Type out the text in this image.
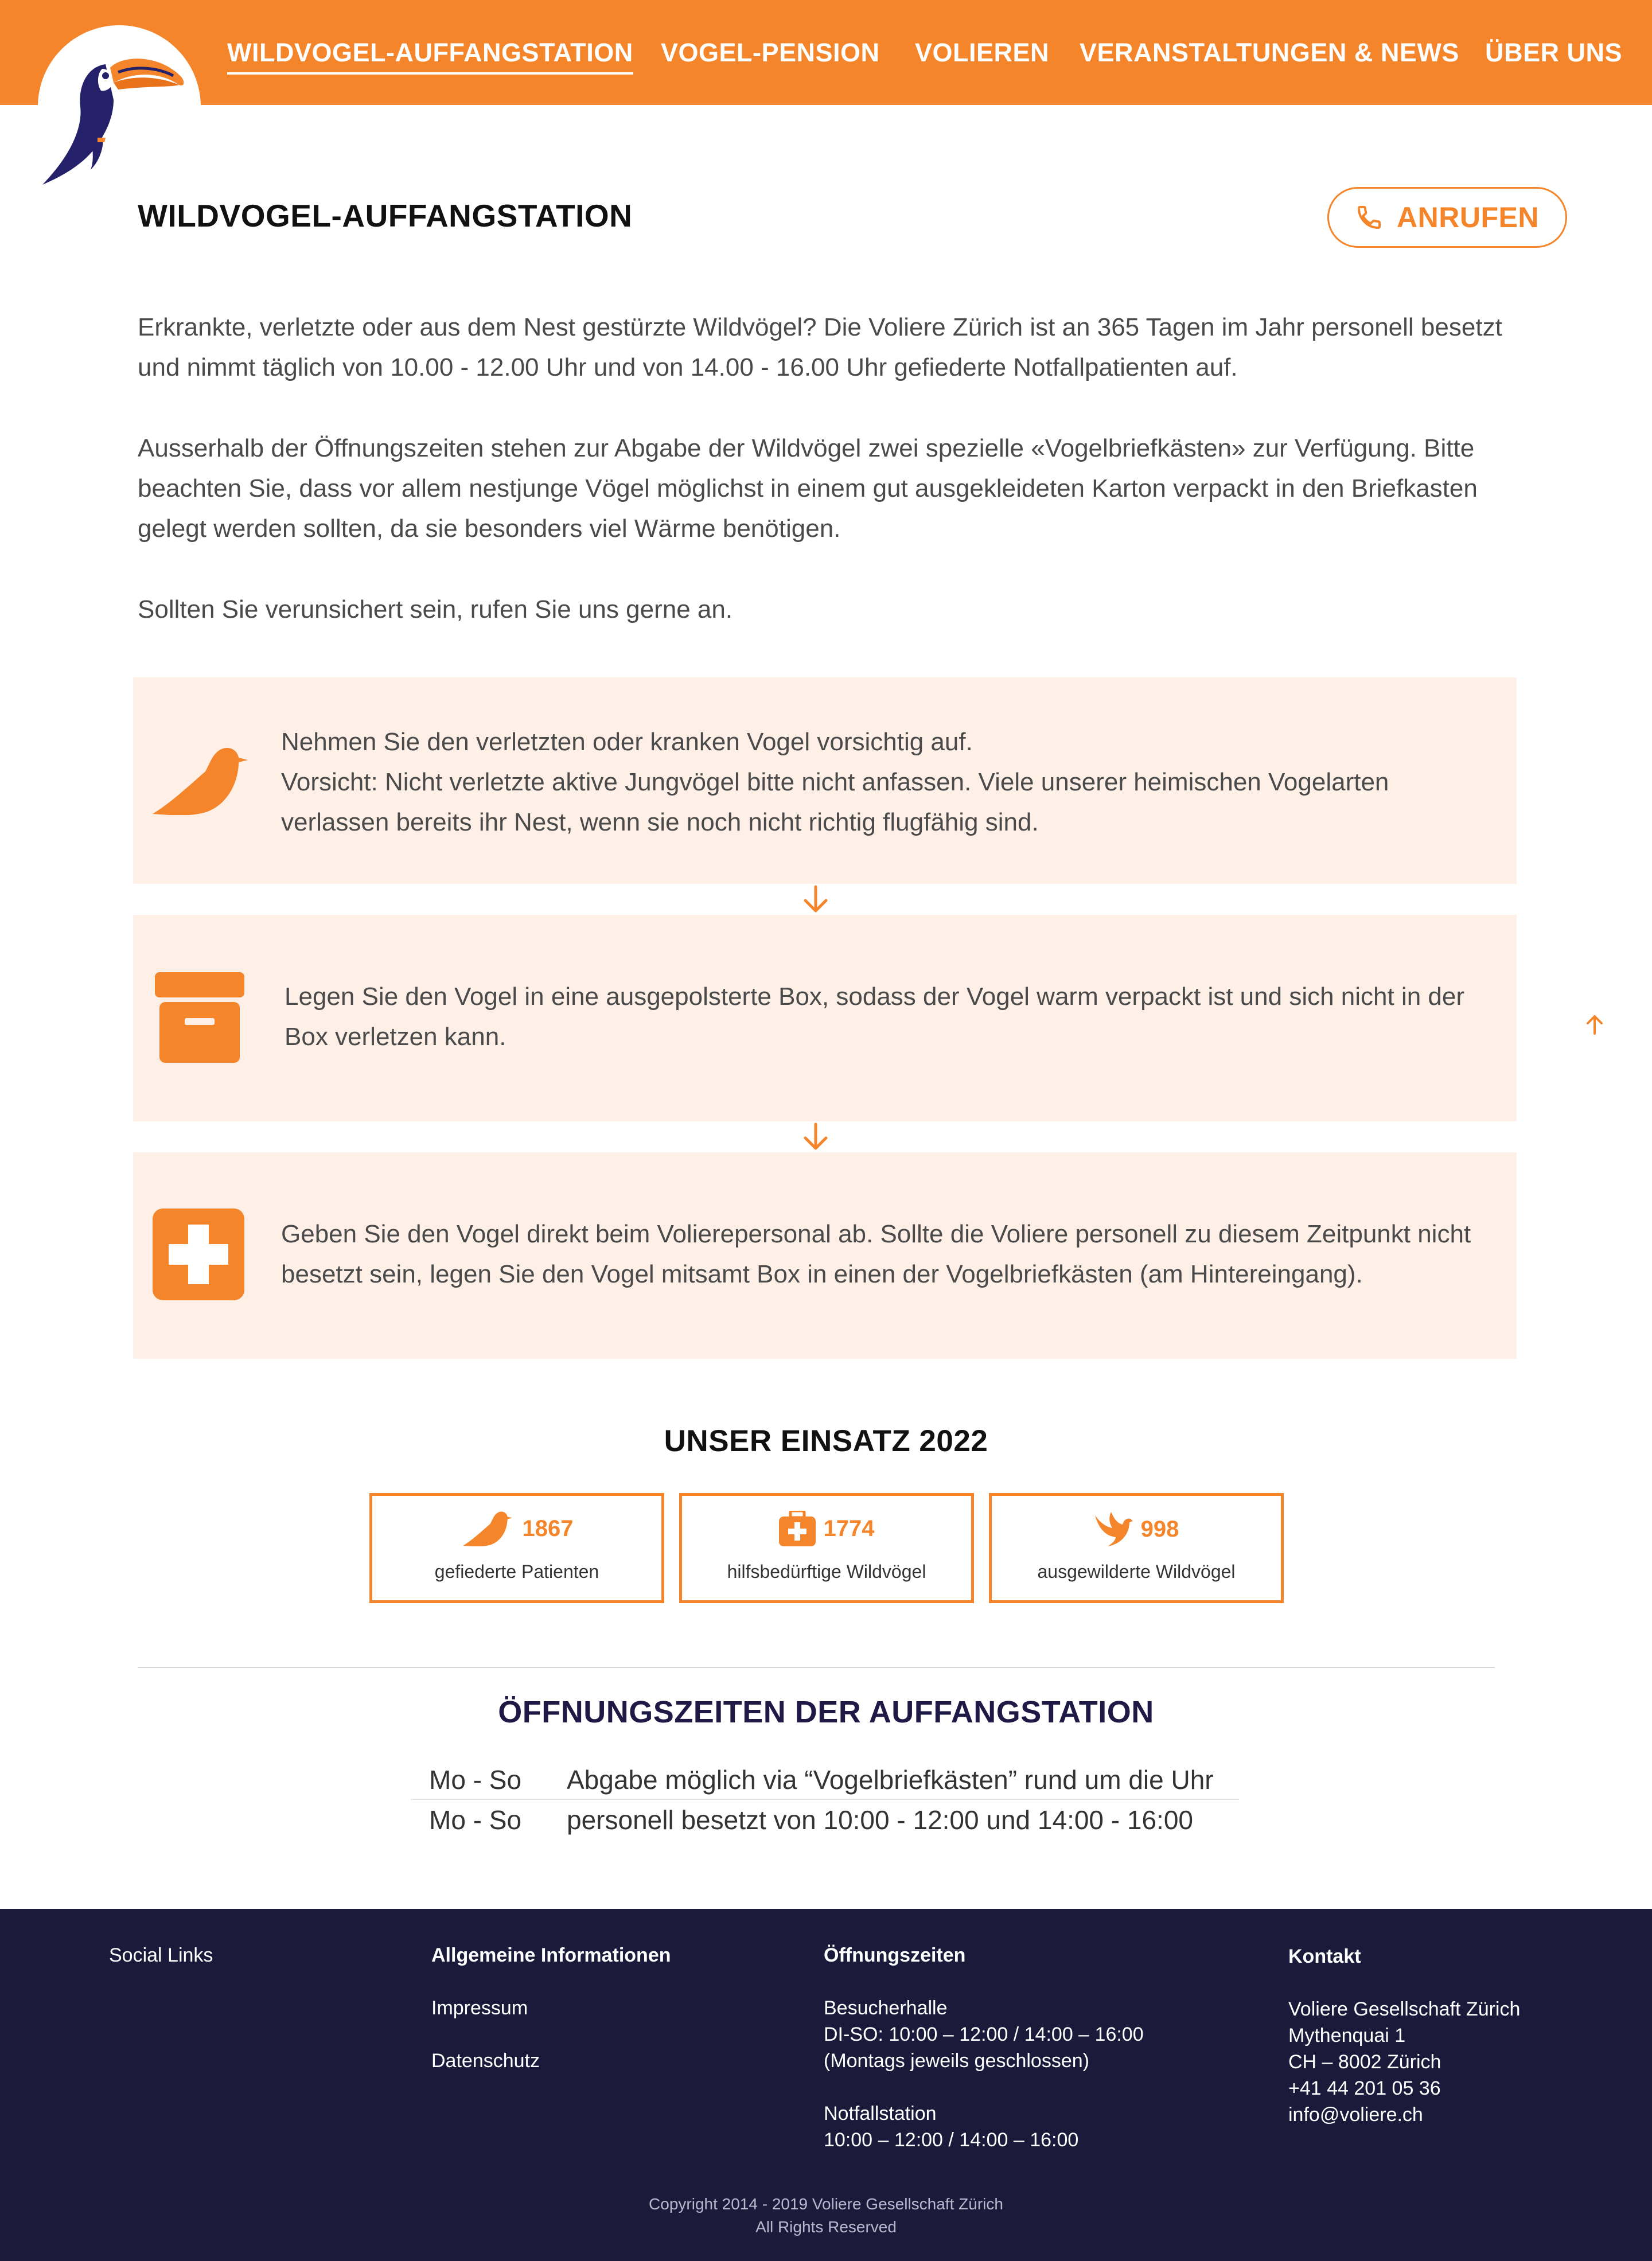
WILDVOGEL-AUFFANGSTATION VOGEL-PENSION VOLIEREN VERANSTALTUNGEN & NEWS ÜBER UNS
WILDVOGEL-AUFFANGSTATION	ANRUFEN

Erkrankte, verletzte oder aus dem Nest gestürzte Wildvögel? Die Voliere Zürich ist an 365 Tagen im Jahr personell besetzt und nimmt täglich von 10.00 - 12.00 Uhr und von 14.00 - 16.00 Uhr gefiederte Notfallpatienten auf.

Ausserhalb der Öffnungszeiten stehen zur Abgabe der Wildvögel zwei spezielle «Vogelbriefkästen» zur Verfügung. Bitte beachten Sie, dass vor allem nestjunge Vögel möglichst in einem gut ausgekleideten Karton verpackt in den Briefkasten gelegt werden sollten, da sie besonders viel Wärme benötigen.

Sollten Sie verunsichert sein, rufen Sie uns gerne an.

Nehmen Sie den verletzten oder kranken Vogel vorsichtig auf.
Vorsicht: Nicht verletzte aktive Jungvögel bitte nicht anfassen. Viele unserer heimischen Vogelarten verlassen bereits ihr Nest, wenn sie noch nicht richtig flugfähig sind.
Legen Sie den Vogel in eine ausgepolsterte Box, sodass der Vogel warm verpackt ist und sich nicht in der Box verletzen kann.
Geben Sie den Vogel direkt beim Volierepersonal ab. Sollte die Voliere personell zu diesem Zeitpunkt nicht besetzt sein, legen Sie den Vogel mitsamt Box in einen der Vogelbriefkästen (am Hintereingang).
UNSER EINSATZ 2022
1867
gefiederte Patienten
1774
hilfsbedürftige Wildvögel
998
ausgewilderte Wildvögel
ÖFFNUNGSZEITEN DER AUFFANGSTATION
Mo - So Abgabe möglich via “Vogelbriefkästen” rund um die Uhr
Mo - So personell besetzt von 10:00 - 12:00 und 14:00 - 16:00
Social Links	Allgemeine Informationen
Impressum
Datenschutz
Öffnungszeiten
Besucherhalle
DI-SO: 10:00 – 12:00 / 14:00 – 16:00
(Montags jeweils geschlossen)
Notfallstation
10:00 – 12:00 / 14:00 – 16:00
Kontakt
Voliere Gesellschaft Zürich
Mythenquai 1
CH – 8002 Zürich
+41 44 201 05 36
info@voliere.ch
Copyright 2014 - 2019 Voliere Gesellschaft Zürich
All Rights Reserved
